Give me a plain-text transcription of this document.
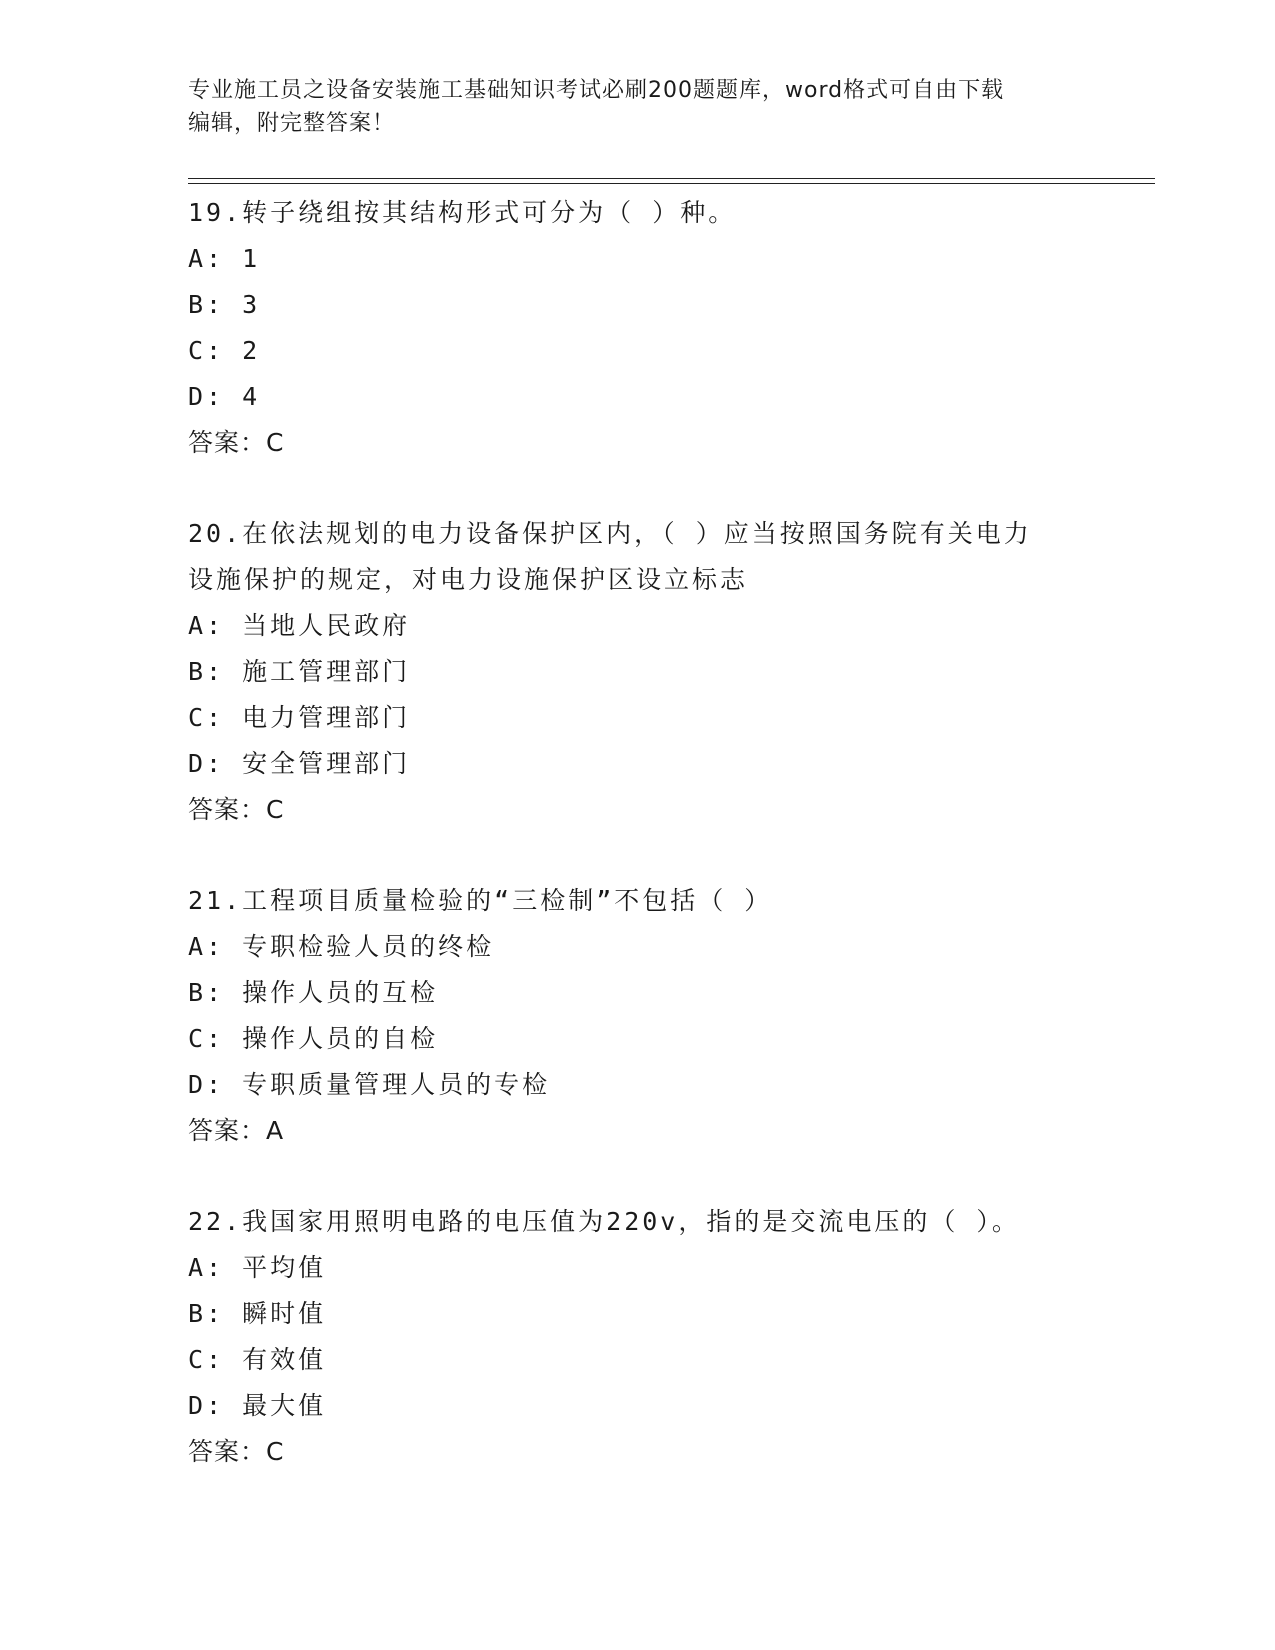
专业施工员之设备安装施工基础知识考试必刷200题题库，word格式可自由下载
编辑，附完整答案！
19.转子绕组按其结构形式可分为（ ）种。
A: 1
B: 3
C: 2
D: 4
答案：C
20.在依法规划的电力设备保护区内，（ ）应当按照国务院有关电力
设施保护的规定，对电力设施保护区设立标志
A: 当地人民政府
B: 施工管理部门
C: 电力管理部门
D: 安全管理部门
答案：C
21.工程项目质量检验的“三检制”不包括（ ）
A: 专职检验人员的终检
B: 操作人员的互检
C: 操作人员的自检
D: 专职质量管理人员的专检
答案：A
22.我国家用照明电路的电压值为220v，指的是交流电压的（ ）。
A: 平均值
B: 瞬时值
C: 有效值
D: 最大值
答案：C
